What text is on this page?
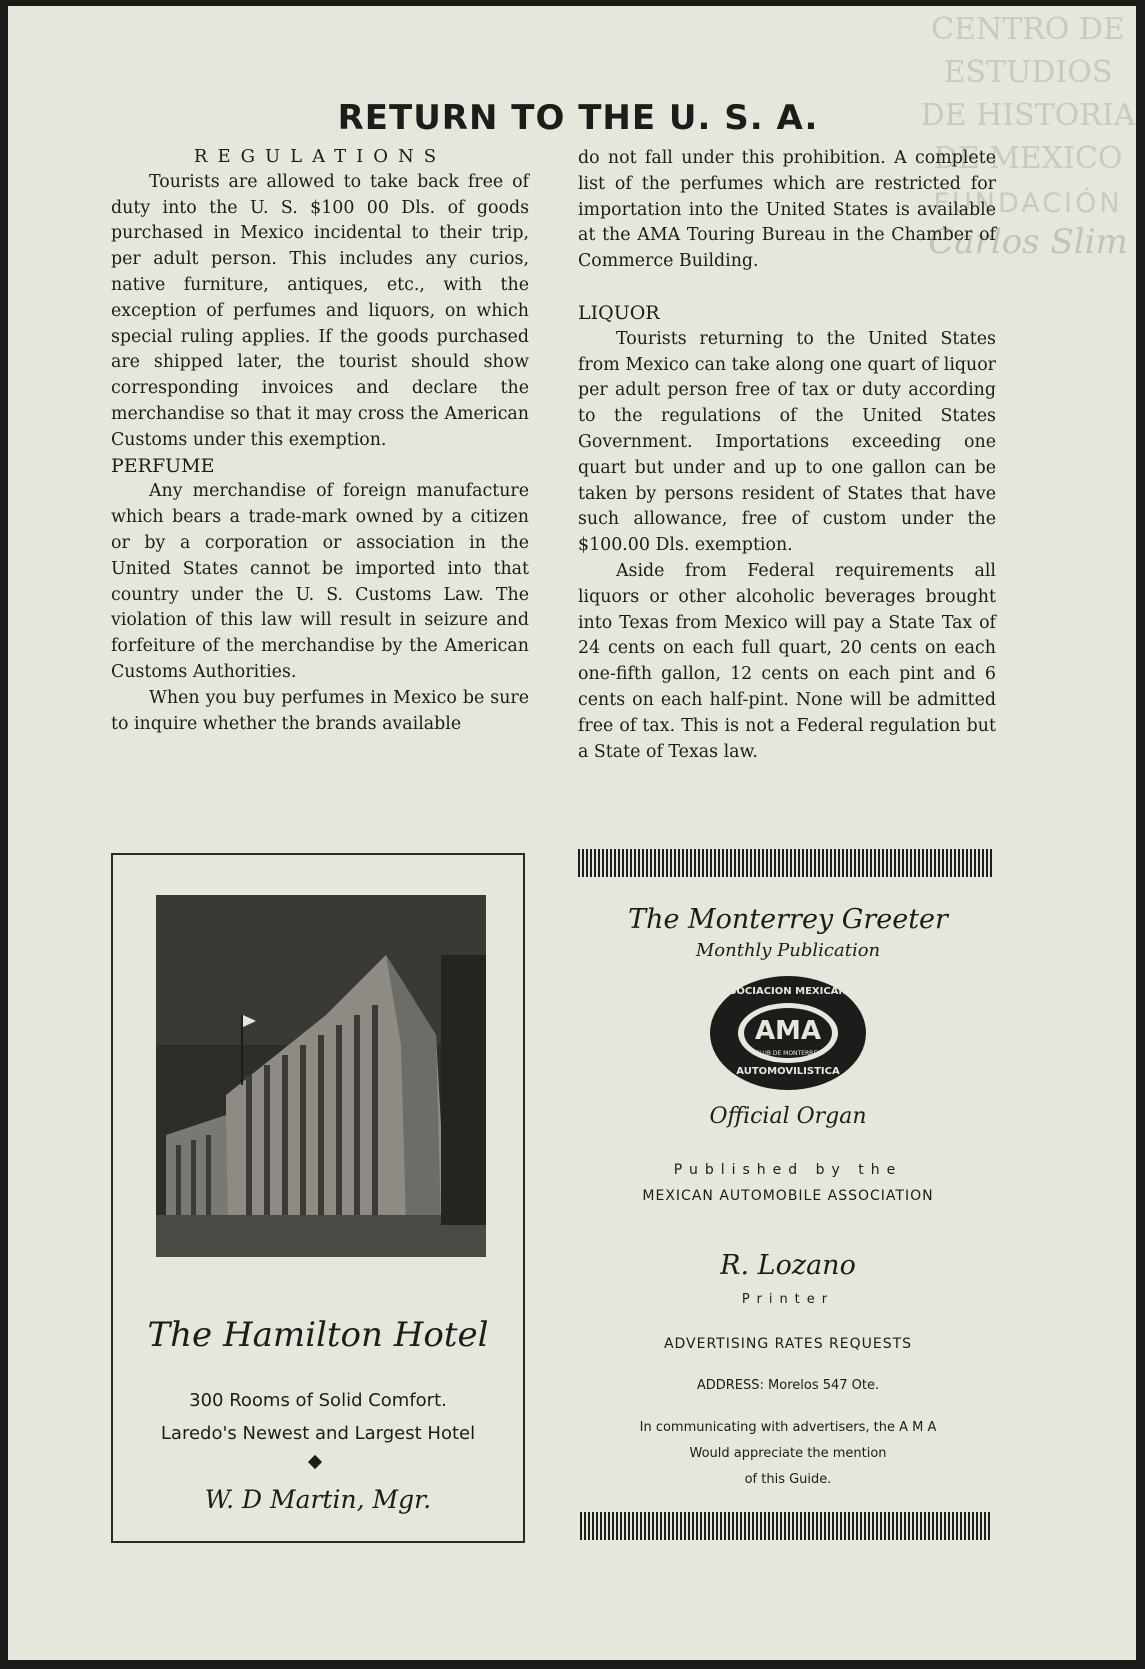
CENTRO DE
ESTUDIOS
DE HISTORIA
DE MEXICO
FUNDACIÓN
Carlos Slim
RETURN TO THE U. S. A.

REGULATIONS

Tourists are allowed to take back free of duty into the U. S. $100 00 Dls. of goods purchased in Mexico incidental to their trip, per adult person. This includes any curios, native furniture, antiques, etc., with the exception of perfumes and liquors, on which special ruling applies. If the goods purchased are shipped later, the tourist should show corresponding invoices and declare the merchandise so that it may cross the American Customs under this exemption.

PERFUME

Any merchandise of foreign manufacture which bears a trade-mark owned by a citizen or by a corporation or association in the United States cannot be imported into that country under the U. S. Customs Law. The violation of this law will result in seizure and forfeiture of the merchandise by the American Customs Authorities.

When you buy perfumes in Mexico be sure to inquire whether the brands available

do not fall under this prohibition. A complete list of the perfumes which are restricted for importation into the United States is available at the AMA Touring Bureau in the Chamber of Commerce Building.

LIQUOR

Tourists returning to the United States from Mexico can take along one quart of liquor per adult person free of tax or duty according to the regulations of the United States Government. Importations exceeding one quart but under and up to one gallon can be taken by persons resident of States that have such allowance, free of custom under the $100.00 Dls. exemption.

Aside from Federal requirements all liquors or other alcoholic beverages brought into Texas from Mexico will pay a State Tax of 24 cents on each full quart, 20 cents on each one-fifth gallon, 12 cents on each pint and 6 cents on each half-pint. None will be admitted free of tax. This is not a Federal regulation but a State of Texas law.

The Hamilton Hotel
300 Rooms of Solid Comfort.
Laredo's Newest and Largest Hotel
W. D Martin, Mgr.
The Monterrey Greeter
Monthly Publication
ASOCIACION MEXICANA
AMA
CLUB DE MONTERREY
AUTOMOVILISTICA
Official Organ
Published by the
MEXICAN AUTOMOBILE ASSOCIATION
R. Lozano
Printer
ADVERTISING RATES REQUESTS
ADDRESS: Morelos 547 Ote.
In communicating with advertisers, the A M A
Would appreciate the mention
of this Guide.
